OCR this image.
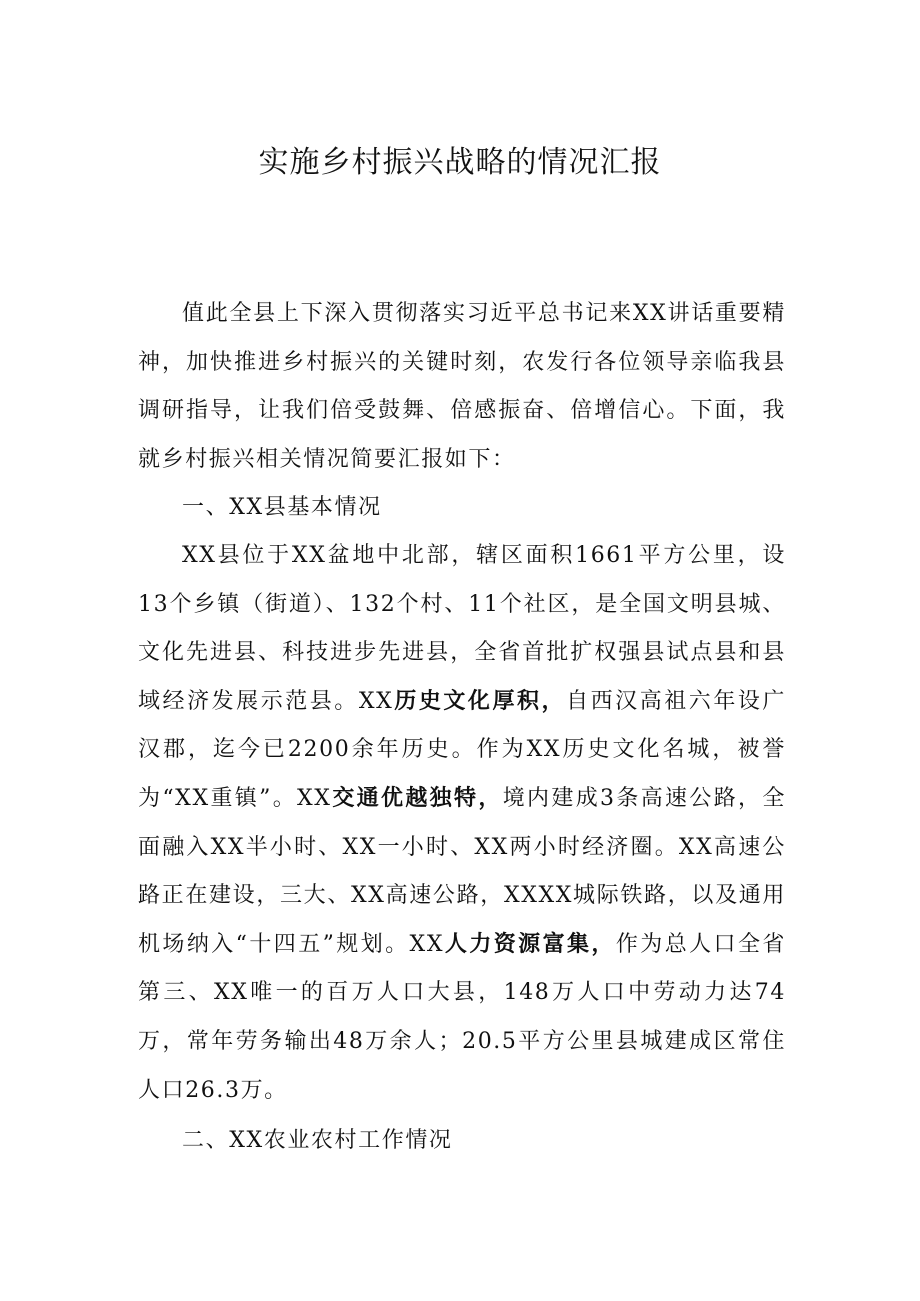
实施乡村振兴战略的情况汇报

值此全县上下深入贯彻落实习近平总书记来XX讲话重要精神，加快推进乡村振兴的关键时刻，农发行各位领导亲临我县调研指导，让我们倍受鼓舞、倍感振奋、倍增信心。下面，我就乡村振兴相关情况简要汇报如下：

一、XX县基本情况

XX县位于XX盆地中北部，辖区面积1661平方公里，设13个乡镇（街道）、132个村、11个社区，是全国文明县城、文化先进县、科技进步先进县，全省首批扩权强县试点县和县域经济发展示范县。XX历史文化厚积，自西汉高祖六年设广汉郡，迄今已2200余年历史。作为XX历史文化名城，被誉为“XX重镇”。XX交通优越独特，境内建成3条高速公路，全面融入XX半小时、XX一小时、XX两小时经济圈。XX高速公路正在建设，三大、XX高速公路，XXXX城际铁路，以及通用机场纳入“十四五”规划。XX人力资源富集，作为总人口全省第三、XX唯一的百万人口大县，148万人口中劳动力达74万，常年劳务输出48万余人；20.5平方公里县城建成区常住人口26.3万。

二、XX农业农村工作情况
